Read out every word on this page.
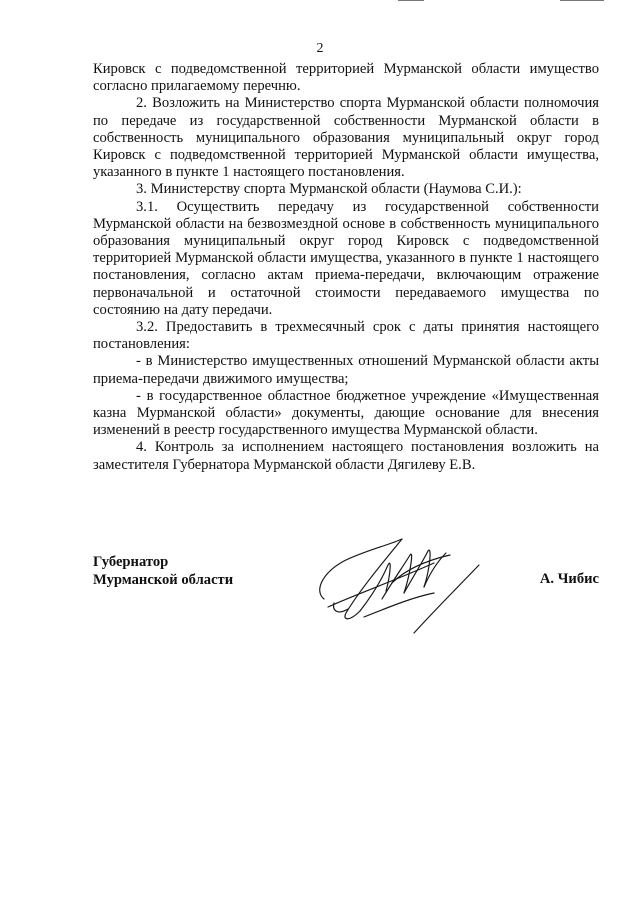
2

Кировск с подведомственной территорией Мурманской области имущество согласно прилагаемому перечню.

2. Возложить на Министерство спорта Мурманской области полномочия по передаче из государственной собственности Мурманской области в собственность муниципального образования муниципальный округ город Кировск с подведомственной территорией Мурманской области имущества, указанного в пункте 1 настоящего постановления.

3. Министерству спорта Мурманской области (Наумова С.И.):

3.1. Осуществить передачу из государственной собственности Мурманской области на безвозмездной основе в собственность муниципального образования муниципальный округ город Кировск с подведомственной территорией Мурманской области имущества, указанного в пункте 1 настоящего постановления, согласно актам приема-передачи, включающим отражение первоначальной и остаточной стоимости передаваемого имущества по состоянию на дату передачи.

3.2. Предоставить в трехмесячный срок с даты принятия настоящего постановления:

- в Министерство имущественных отношений Мурманской области акты приема-передачи движимого имущества;

- в государственное областное бюджетное учреждение «Имущественная казна Мурманской области» документы, дающие основание для внесения изменений в реестр государственного имущества Мурманской области.

4. Контроль за исполнением настоящего постановления возложить на заместителя Губернатора Мурманской области Дягилеву Е.В.

Губернатор
Мурманской области	А. Чибис
